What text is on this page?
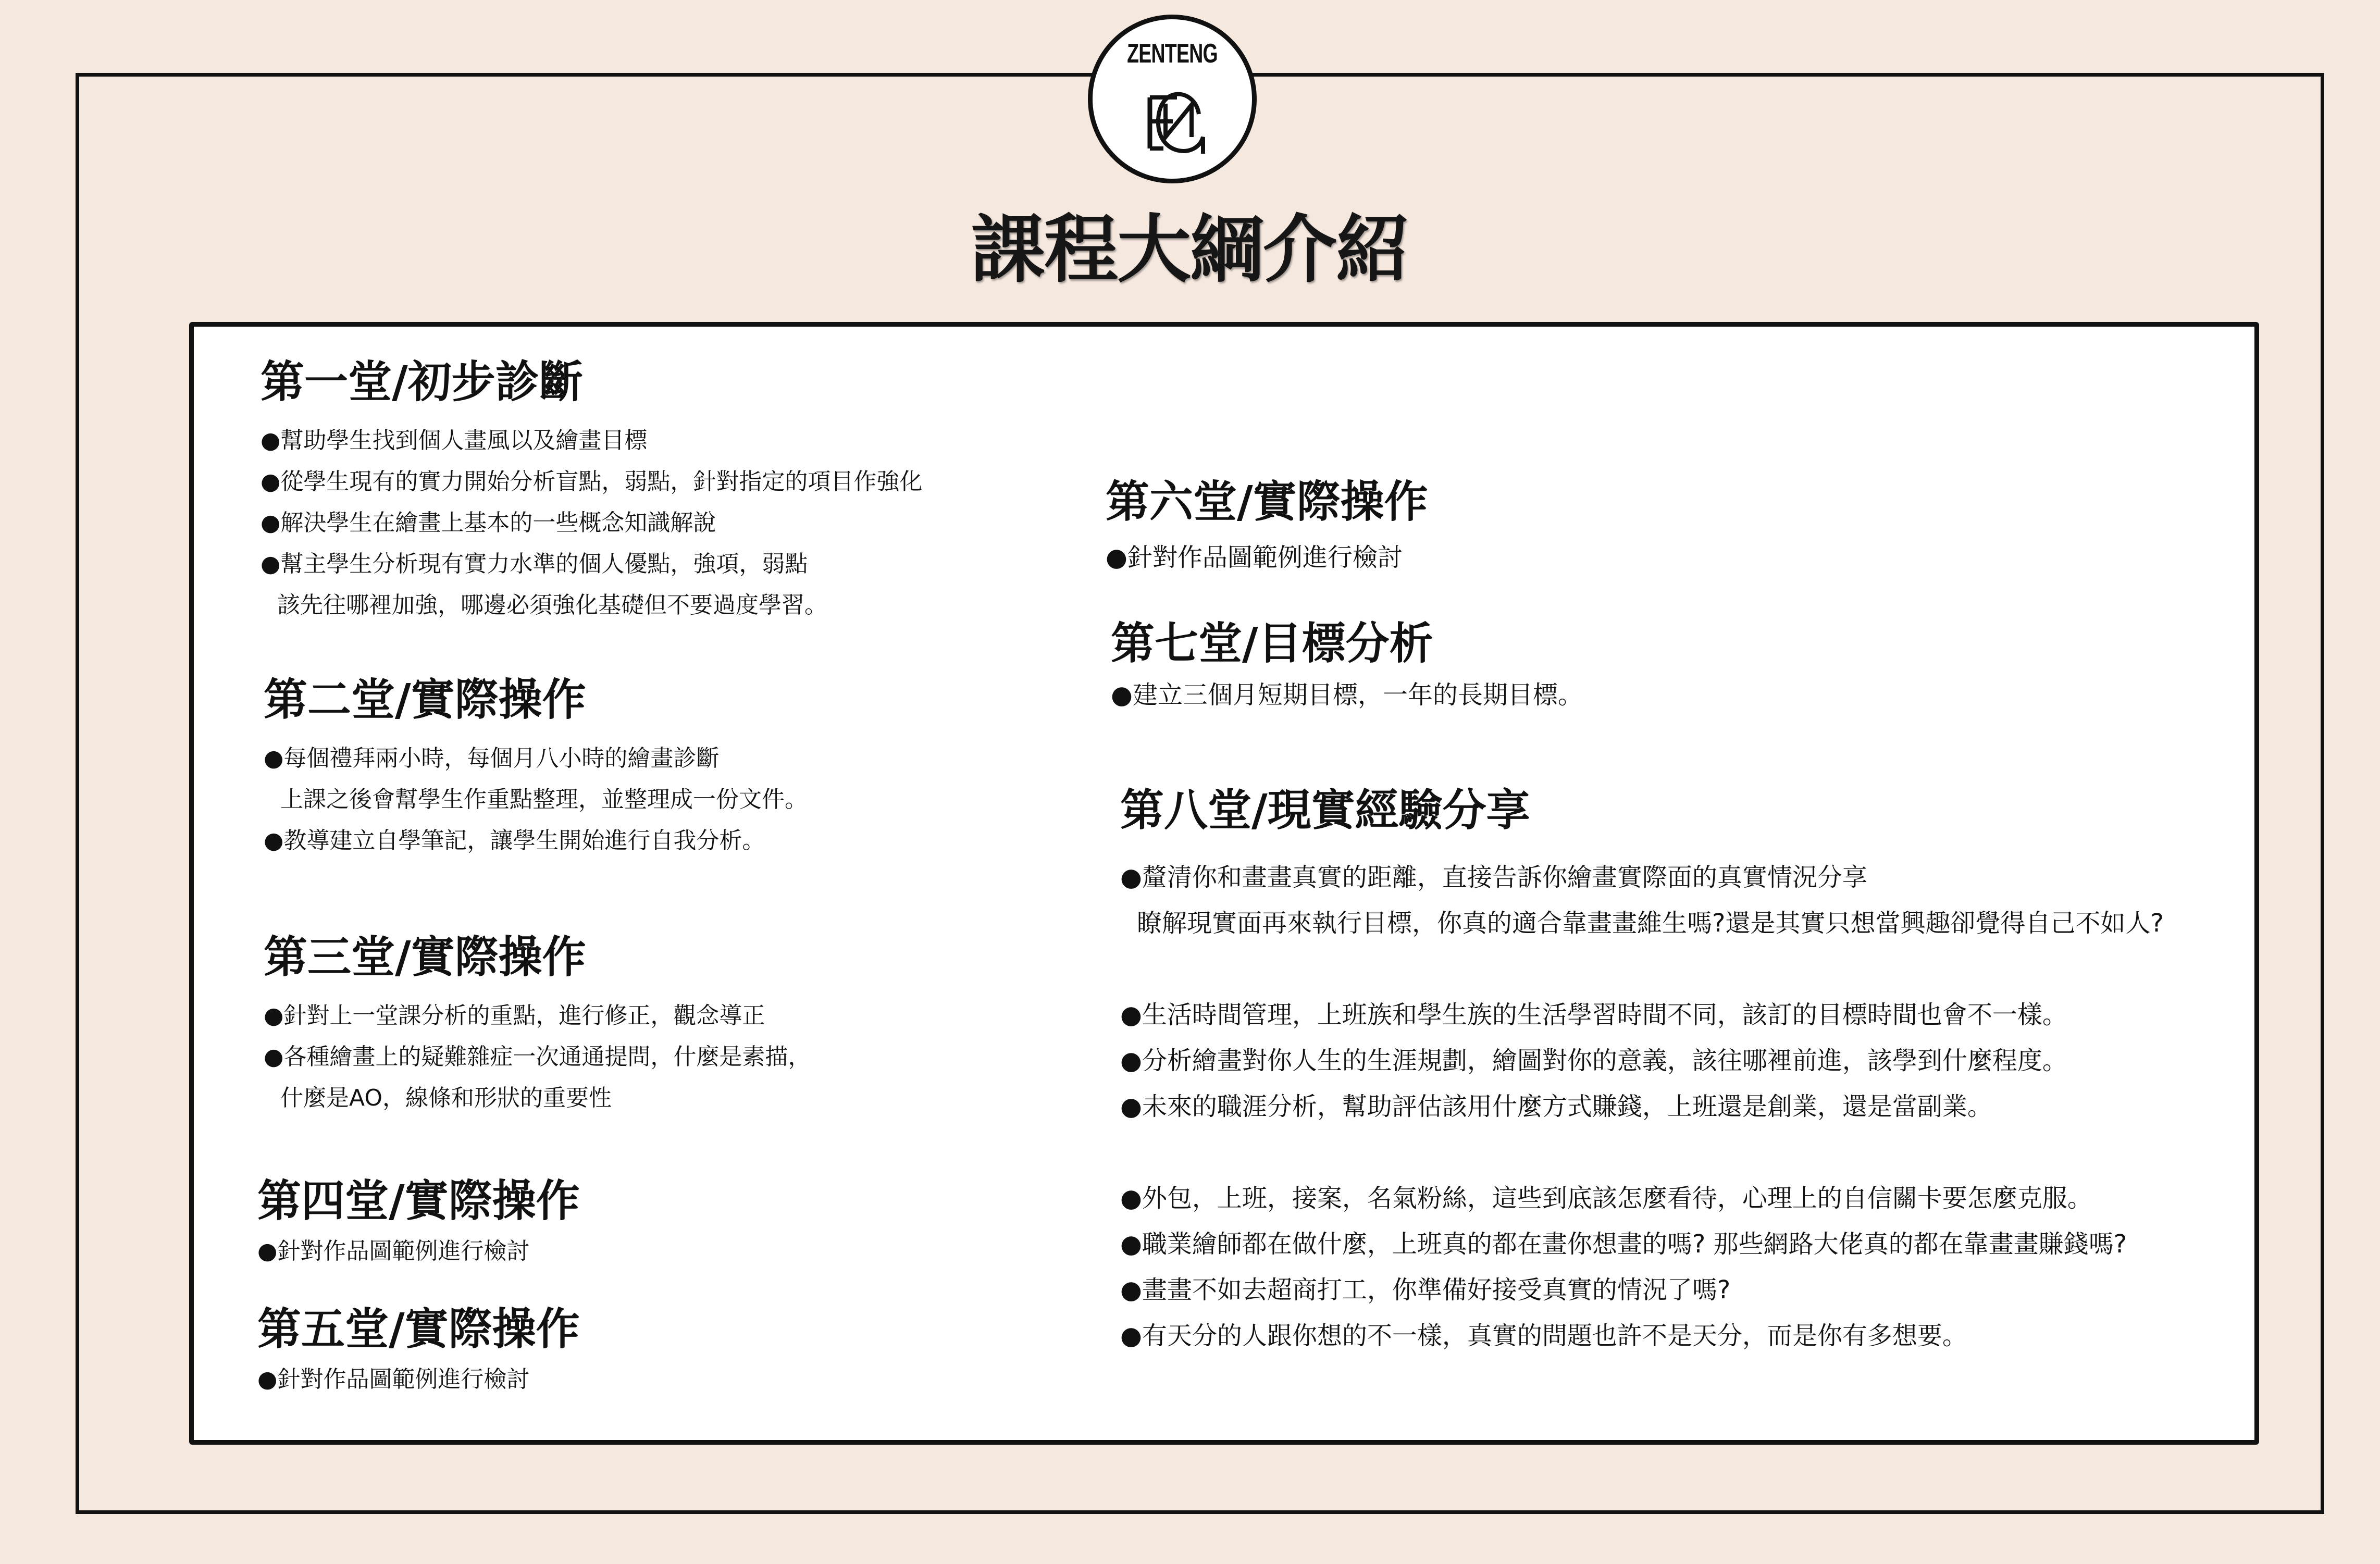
ZENTENG
課程大綱介紹
第一堂/初步診斷
●幫助學生找到個人畫風以及繪畫目標
●從學生現有的實力開始分析盲點，弱點，針對指定的項目作強化
●解決學生在繪畫上基本的一些概念知識解說
●幫主學生分析現有實力水準的個人優點，強項，弱點
該先往哪裡加強，哪邊必須強化基礎但不要過度學習。
第二堂/實際操作
●每個禮拜兩小時，每個月八小時的繪畫診斷
上課之後會幫學生作重點整理，並整理成一份文件。
●教導建立自學筆記，讓學生開始進行自我分析。
第三堂/實際操作
●針對上一堂課分析的重點，進行修正，觀念導正
●各種繪畫上的疑難雜症一次通通提問，什麼是素描，
什麼是AO，線條和形狀的重要性
第四堂/實際操作
●針對作品圖範例進行檢討
第五堂/實際操作
●針對作品圖範例進行檢討
第六堂/實際操作
●針對作品圖範例進行檢討
第七堂/目標分析
●建立三個月短期目標，一年的長期目標。
第八堂/現實經驗分享
●釐清你和畫畫真實的距離，直接告訴你繪畫實際面的真實情況分享
瞭解現實面再來執行目標，你真的適合靠畫畫維生嗎?還是其實只想當興趣卻覺得自己不如人?
●生活時間管理，上班族和學生族的生活學習時間不同，該訂的目標時間也會不一樣。
●分析繪畫對你人生的生涯規劃，繪圖對你的意義，該往哪裡前進，該學到什麼程度。
●未來的職涯分析，幫助評估該用什麼方式賺錢，上班還是創業，還是當副業。
●外包，上班，接案，名氣粉絲，這些到底該怎麼看待，心理上的自信關卡要怎麼克服。
●職業繪師都在做什麼，上班真的都在畫你想畫的嗎? 那些網路大佬真的都在靠畫畫賺錢嗎?
●畫畫不如去超商打工，你準備好接受真實的情況了嗎?
●有天分的人跟你想的不一樣，真實的問題也許不是天分，而是你有多想要。
